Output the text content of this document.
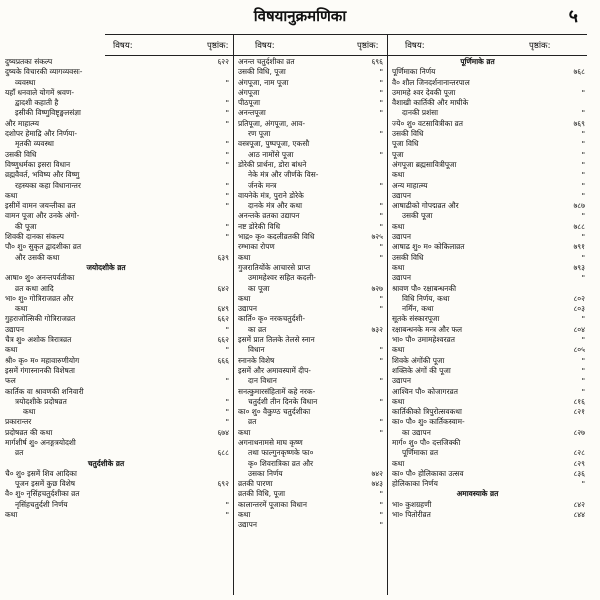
विषयानुक्रमणिका	५
विषय:	पृष्ठांक:	विषय:	पृष्ठांक:	विषय:	पृष्ठांक:
दुष्यप्रतका संकल्प	६२२
दुष्यके विचारकी व्यागव्यवसः-
व्यवस्था	"
यहाँ धनवाले योगमें श्रवण-
द्वादशी कहाती है	"
इसीकी विष्णुविष्टृङ्खलसंज्ञा	"
और माहात्म्य	"
दशोपर हेमाद्रि और निर्णया-
मृतकी व्यवस्था	"
उसकी विधि	"
विष्णुधर्मका इसरा विधान	"
व्रह्मवैवर्त, भविष्य और विष्णु
रहस्यका कहा विधानान्तर	"
कथा	"
इसीमें वामन जयन्तीका व्रत	"
वामन पूजा और उनके अंगो-
की पूजा	"
शिवकी दानका संकल्प	"
पौ० शु० सुकृत द्वादशीका व्रत
और उसकी कथा	६३९
जयोदशीके व्रत
आषा० शु० अनन्तपर्वतीका
व्रत कथा आदि	६४२
भा० शु० गोत्रिराजव्रत और
कथा	६४९
गुहराजोत्सिकी गोत्रिराजव्रत	६६२
उद्यापन	"
चैत्र शु० अशोक त्रिरात्रव्रत	६६२
कथा	"
श्री० कृ० म० महावारुणीयोग	६६६
इसमें गंगास्नानकी विशेषता
फल	"
कार्तिक वा श्रावणकी शनिवारी
त्रयोदशीके प्रदोषव्रत	"
कथा	"
प्रकारान्तर	"
प्रदोषव्रत की कथा	६७४
मार्गशीर्ष शु० अनङ्गत्रयोदशी
व्रत	६८८
चतुर्दशीके व्रत
चै० शु० इसमें शिव आदिका
पूजन इसमें कुछ विशेष	६९२
वै० शु० नृसिंहचतुर्दशीका व्रत
नृसिंहचतुर्दशी निर्णय	"
कथा	"
अनन्त चतुर्दशीका व्रत	६९६
उसकी विधि, पूजा	"
अंगपूजा, नाम पूजा	"
अंगपूजा	"
पीठपूजा	"
अनन्तपूजा	"
प्रतिपूजा, अंगपूजा, आव-
रण पूजा	"
वस्त्रपूजा, पुष्पपूजा, एकसौ
आठ नामोंसे पूजा	"
डोरेकी प्रार्थना, डोरा बांधने
नेके मंत्र और जीर्णके विस-
र्जनके मन्त्र	"
वायनेके मंत्र, पुराने डोरेके
दानके मंत्र और कथा	"
अनन्तके व्रतका उद्यापन	"
नष्ट डोरेकी विधि	"
भाद्र० कृ० कदलीव्रतकी विधि	७२५
रम्भाका रोपण	"
कथा	"
गुजरातियोंके आचारसे प्राप्त
उमामहेश्वर सहित कदली-
का पूजा	७२७
कथा	"
उद्यापन	"
कार्ति० कृ० नरकचतुर्दशी-
का व्रत	७३२
इसमें प्रात तिलके तेलसे स्नान
विधान	"
स्नानके विशेष	"
इसमें और अमावस्यामें दीप-
दान विधान	"
सनत्कुमारसंहितामें कहे नरक-
चतुर्दशी तीन दिनके विधान	"
का० शु० वैकुण्ठ चतुर्दशीका
व्रत	"
कथा	"
अगनाथनामसे माघ कृष्ण
तथा फाल्गुनकृष्णके फा०
कृ० शिवरात्रिका व्रत और
उसका निर्णय	७४२
व्रतकी पारणा	७४३
व्रतकी विधि, पूजा	"
कालान्तरमें पूजाका विधान	"
कथा	"
उद्यापन	"
पूर्णिमाके व्रत
पूर्णिमाका निर्णय	७६८
वै० शौल जिनदर्शनानान्तरपाल
उमामहे श्वर देवकी पूजा	"
वैशाखी कार्तिकी और माघीके
दानकी प्रशंसा	"
ज्ये० शु० वटसावित्रीका व्रत	७६९
उसकी विधि	"
पूजा विधि	"
पूजा	"
अंगपूजा ब्रह्मसावित्रीपूजा	"
कथा	"
अन्य माहात्म्य	"
उद्यापन	"
आषाढीको गोपद्मव्रत और	७८७
उसकी पूजा	"
कथा	७८८
उद्यापन	"
आषाढ शु० म० कोकिलाव्रत	७९१
उसकी विधि	"
कथा	७९३
उद्यापन	"
श्रावण पौ० रक्षाबन्धनकी
विधि निर्णय, कथा	८०२
नर्मिंन, कथा	८०३
सूतके संस्कारपूजा	"
रक्षाबन्धनके मन्त्र और फल	८०४
भा० पौ० उमामहेश्वरव्रत	"
कथा	८०५
शिवके अंगोंकी पूजा	"
शक्तिके अंगों की पूजा	"
उद्यापन	"
आश्विन पौ० कोजागरव्रत	"
कथा	८१६
कार्तिकीको त्रिपुरोत्सवकथा	८२१
का० पौ० शु० कार्तिकस्वाम-
का उद्यापन	८२७
मार्ग० शु० पौ० दत्तजिक्की
पूर्णिमाका व्रत	८२८
कथा	८२९
का० पौ० होलिकाका उत्सव	८३६
होलिकाका निर्णय	"
अमावस्याके व्रत
भा० कुशग्रहणी	८४२
भा० पितोरीव्रत	८४४
